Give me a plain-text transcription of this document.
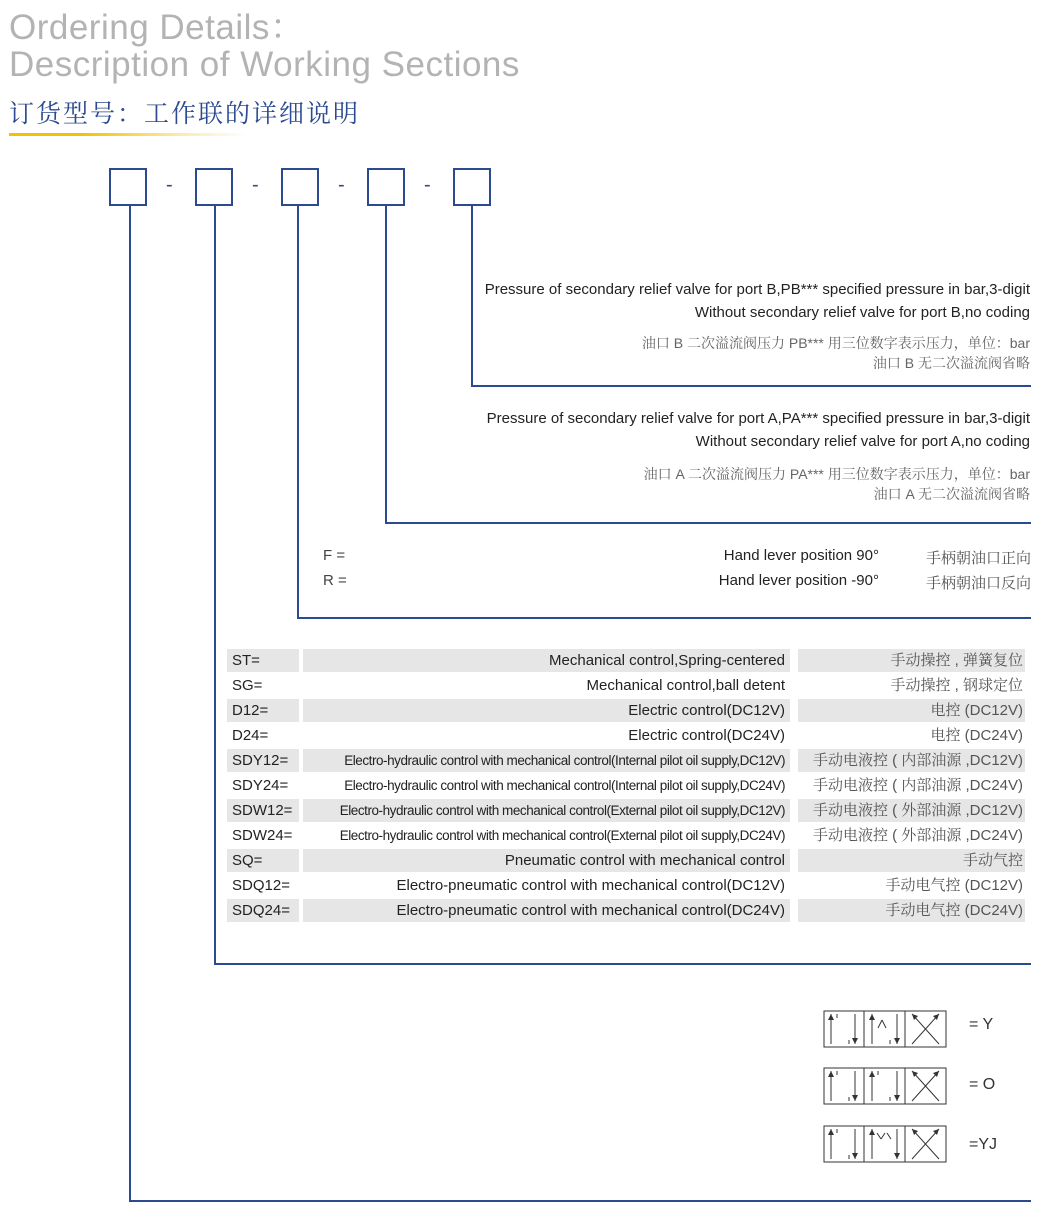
Ordering Details：
Description of Working Sections
订货型号：工作联的详细说明
-	-	-	-
Pressure of secondary relief valve for port B,PB*** specified pressure in bar,3-digit
Without secondary relief valve for port B,no coding
油口 B 二次溢流阀压力 PB*** 用三位数字表示压力，单位：bar
油口 B 无二次溢流阀省略
Pressure of secondary relief valve for port A,PA*** specified pressure in bar,3-digit
Without secondary relief valve for port A,no coding
油口 A 二次溢流阀压力 PA*** 用三位数字表示压力，单位：bar
油口 A 无二次溢流阀省略
F =	Hand lever position 90°	手柄朝油口正向
R =	Hand lever position -90°	手柄朝油口反向
ST=	Mechanical control,Spring-centered	手动操控 , 弹簧复位
SG=	Mechanical control,ball detent	手动操控 , 钢球定位
D12=	Electric control(DC12V)	电控 (DC12V)
D24=	Electric control(DC24V)	电控 (DC24V)
SDY12=	Electro-hydraulic control with mechanical control(Internal pilot oil supply,DC12V)	手动电液控 ( 内部油源 ,DC12V)
SDY24=	Electro-hydraulic control with mechanical control(Internal pilot oil supply,DC24V)	手动电液控 ( 内部油源 ,DC24V)
SDW12=	Electro-hydraulic control with mechanical control(External pilot oil supply,DC12V)	手动电液控 ( 外部油源 ,DC12V)
SDW24=	Electro-hydraulic control with mechanical control(External pilot oil supply,DC24V)	手动电液控 ( 外部油源 ,DC24V)
SQ=	Pneumatic control with mechanical control	手动气控
SDQ12=	Electro-pneumatic control with mechanical control(DC12V)	手动电气控 (DC12V)
SDQ24=	Electro-pneumatic control with mechanical control(DC24V)	手动电气控 (DC24V)
= Y
= O
=YJ
